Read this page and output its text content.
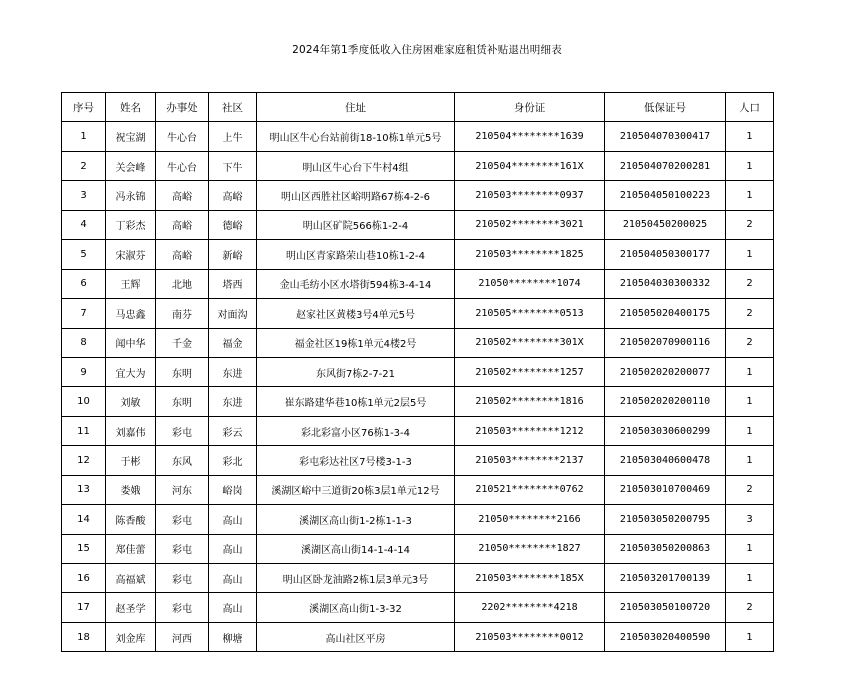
2024年第1季度低收入住房困难家庭租赁补贴退出明细表
序号	姓名	办事处	社区	住址	身份证	低保证号	人口
1	祝宝湖	牛心台	上牛	明山区牛心台站前街18-10栋1单元5号	210504********1639	210504070300417	1
2	关会峰	牛心台	下牛	明山区牛心台下牛村4组	210504********161X	210504070200281	1
3	冯永锦	高峪	高峪	明山区西胜社区峪明路67栋4-2-6	210503********0937	210504050100223	1
4	丁彩杰	高峪	德峪	明山区矿院566栋1-2-4	210502********3021	21050450200025	2
5	宋淑芬	高峪	新峪	明山区青家路荣山巷10栋1-2-4	210503********1825	210504050300177	1
6	王辉	北地	塔西	金山毛纺小区水塔街594栋3-4-14	21050********1074	210504030300332	2
7	马忠鑫	南芬	对面沟	赵家社区黄楼3号4单元5号	210505********0513	210505020400175	2
8	闻中华	千金	福金	福金社区19栋1单元4楼2号	210502********301X	210502070900116	2
9	宜大为	东明	东进	东风街7栋2-7-21	210502********1257	210502020200077	1
10	刘敏	东明	东进	崔东路建华巷10栋1单元2层5号	210502********1816	210502020200110	1
11	刘嘉伟	彩屯	彩云	彩北彩富小区76栋1-3-4	210503********1212	210503030600299	1
12	于彬	东风	彩北	彩屯彩达社区7号楼3-1-3	210503********2137	210503040600478	1
13	娄娥	河东	峪岗	溪湖区峪中三道街20栋3层1单元12号	210521********0762	210503010700469	2
14	陈香酸	彩屯	高山	溪湖区高山街1-2栋1-1-3	21050********2166	210503050200795	3
15	郑佳蕾	彩屯	高山	溪湖区高山街14-1-4-14	21050********1827	210503050200863	1
16	高福斌	彩屯	高山	明山区卧龙油路2栋1层3单元3号	210503********185X	210503201700139	1
17	赵圣学	彩屯	高山	溪湖区高山街1-3-32	2202********4218	210503050100720	2
18	刘金库	河西	柳塘	高山社区平房	210503********0012	210503020400590	1
